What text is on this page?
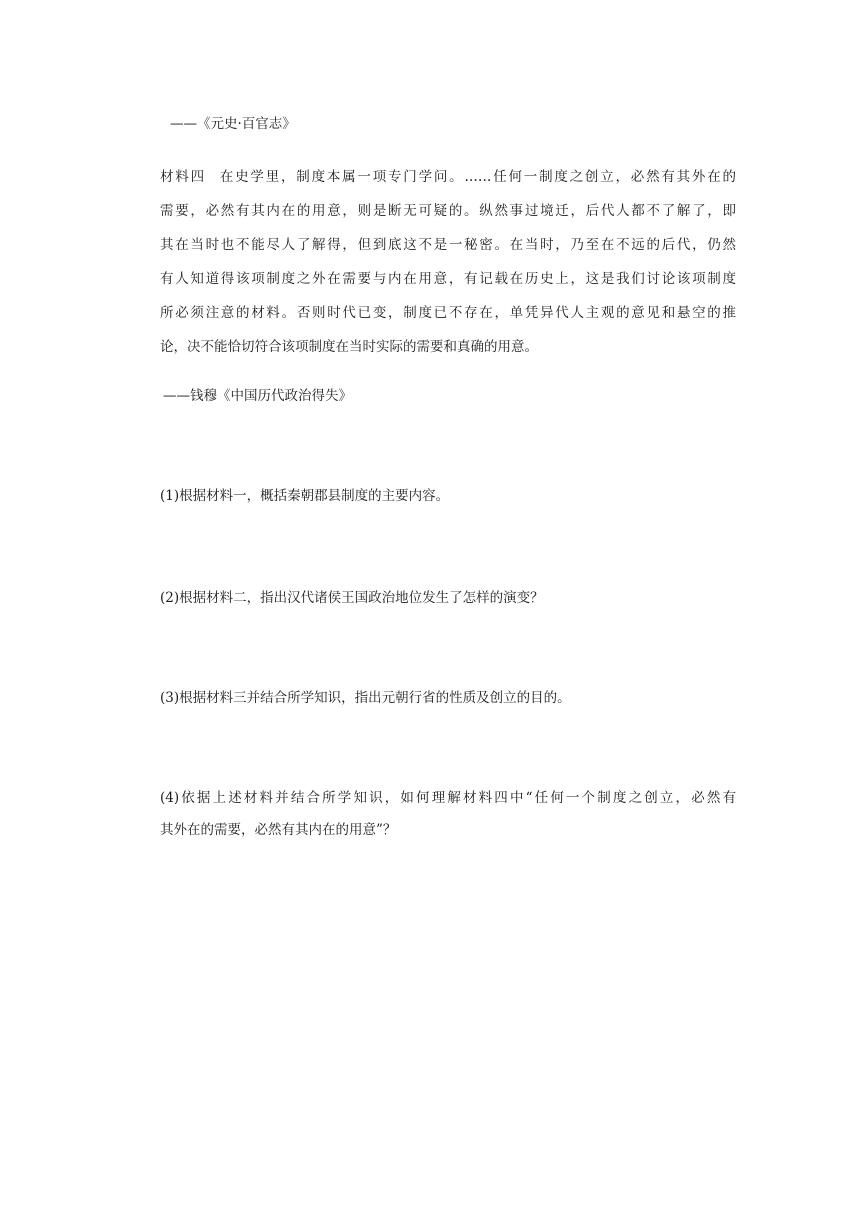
——《元史·百官志》
材料四 在史学里，制度本属一项专门学问。……任何一制度之创立，必然有其外在的
需要，必然有其内在的用意，则是断无可疑的。纵然事过境迁，后代人都不了解了，即
其在当时也不能尽人了解得，但到底这不是一秘密。在当时，乃至在不远的后代，仍然
有人知道得该项制度之外在需要与内在用意，有记载在历史上，这是我们讨论该项制度
所必须注意的材料。否则时代已变，制度已不存在，单凭异代人主观的意见和悬空的推
论，决不能恰切符合该项制度在当时实际的需要和真确的用意。
——钱穆《中国历代政治得失》
(1)根据材料一，概括秦朝郡县制度的主要内容。
(2)根据材料二，指出汉代诸侯王国政治地位发生了怎样的演变？
(3)根据材料三并结合所学知识，指出元朝行省的性质及创立的目的。
(4)依据上述材料并结合所学知识，如何理解材料四中“任何一个制度之创立，必然有
其外在的需要，必然有其内在的用意”？
